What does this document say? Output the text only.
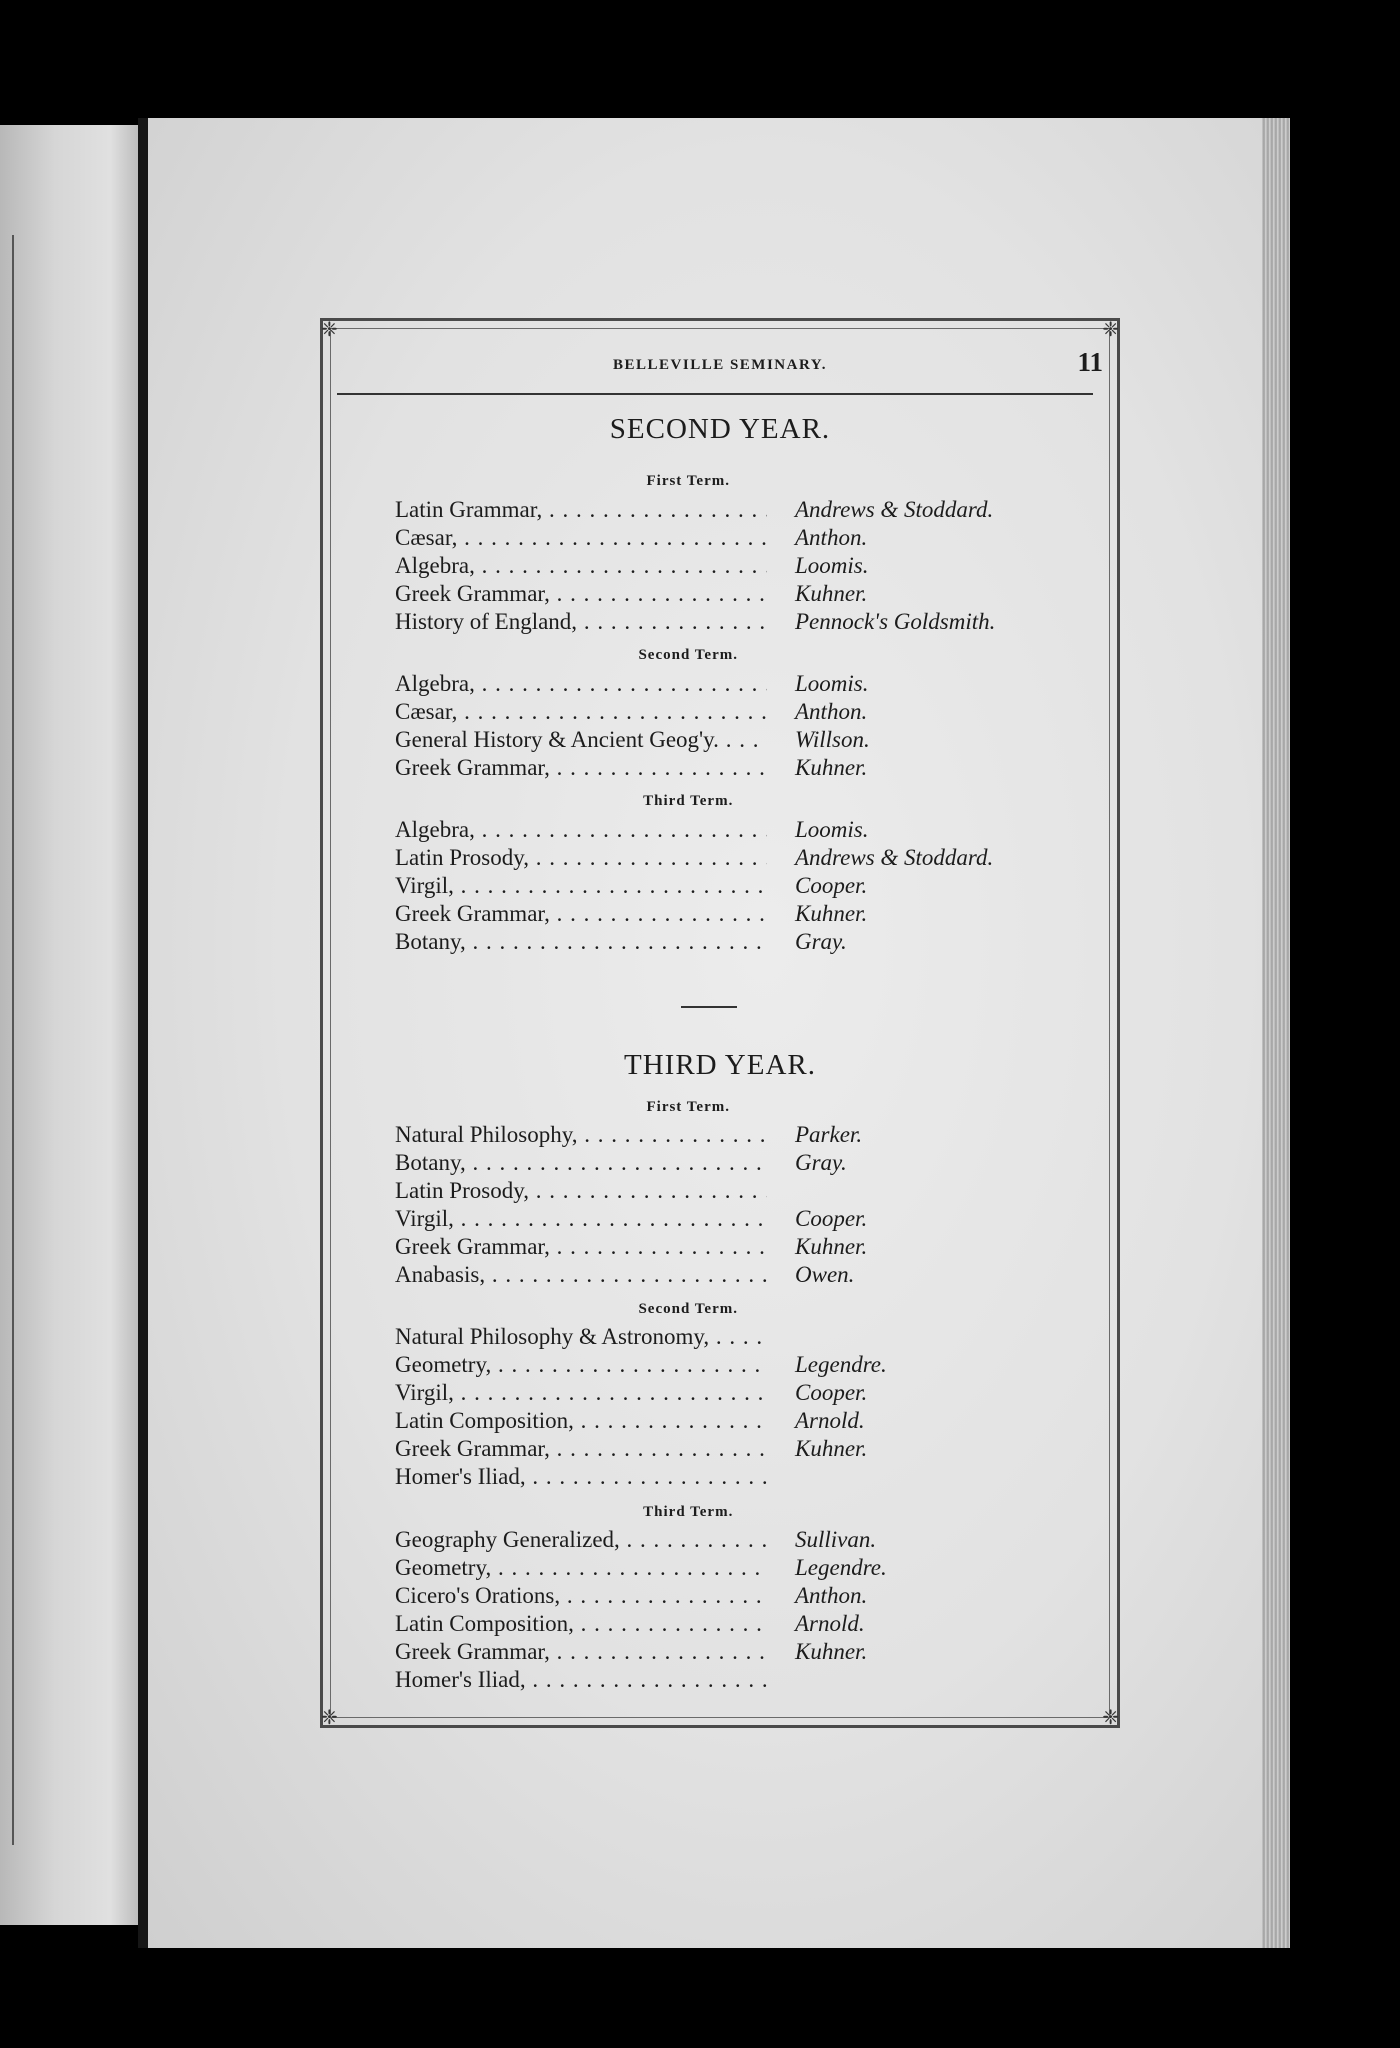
❈	❈
❈	❈
BELLEVILLE SEMINARY.	11
SECOND YEAR.
First Term.
Latin Grammar, . . .	Andrews & Stoddard.
Cæsar, . . .	Anthon.
Algebra, . . .	Loomis.
Greek Grammar, . . .	Kuhner.
History of England, . . .	Pennock's Goldsmith.
Second Term.
Algebra, . . .	Loomis.
Cæsar, . . .	Anthon.
General History & Ancient Geog'y. . . .	Willson.
Greek Grammar, . . .	Kuhner.
Third Term.
Algebra, . . .	Loomis.
Latin Prosody, . . .	Andrews & Stoddard.
Virgil, . . .	Cooper.
Greek Grammar, . . .	Kuhner.
Botany, . . .	Gray.
THIRD YEAR.
First Term.
Natural Philosophy, . . .	Parker.
Botany, . . .	Gray.
Latin Prosody, . . .
Virgil, . . .	Cooper.
Greek Grammar, . . .	Kuhner.
Anabasis, . . .	Owen.
Second Term.
Natural Philosophy & Astronomy, . . .
Geometry, . . .	Legendre.
Virgil, . . .	Cooper.
Latin Composition, . . .	Arnold.
Greek Grammar, . . .	Kuhner.
Homer's Iliad, . . .
Third Term.
Geography Generalized, . . .	Sullivan.
Geometry, . . .	Legendre.
Cicero's Orations, . . .	Anthon.
Latin Composition, . . .	Arnold.
Greek Grammar, . . .	Kuhner.
Homer's Iliad, . . .
